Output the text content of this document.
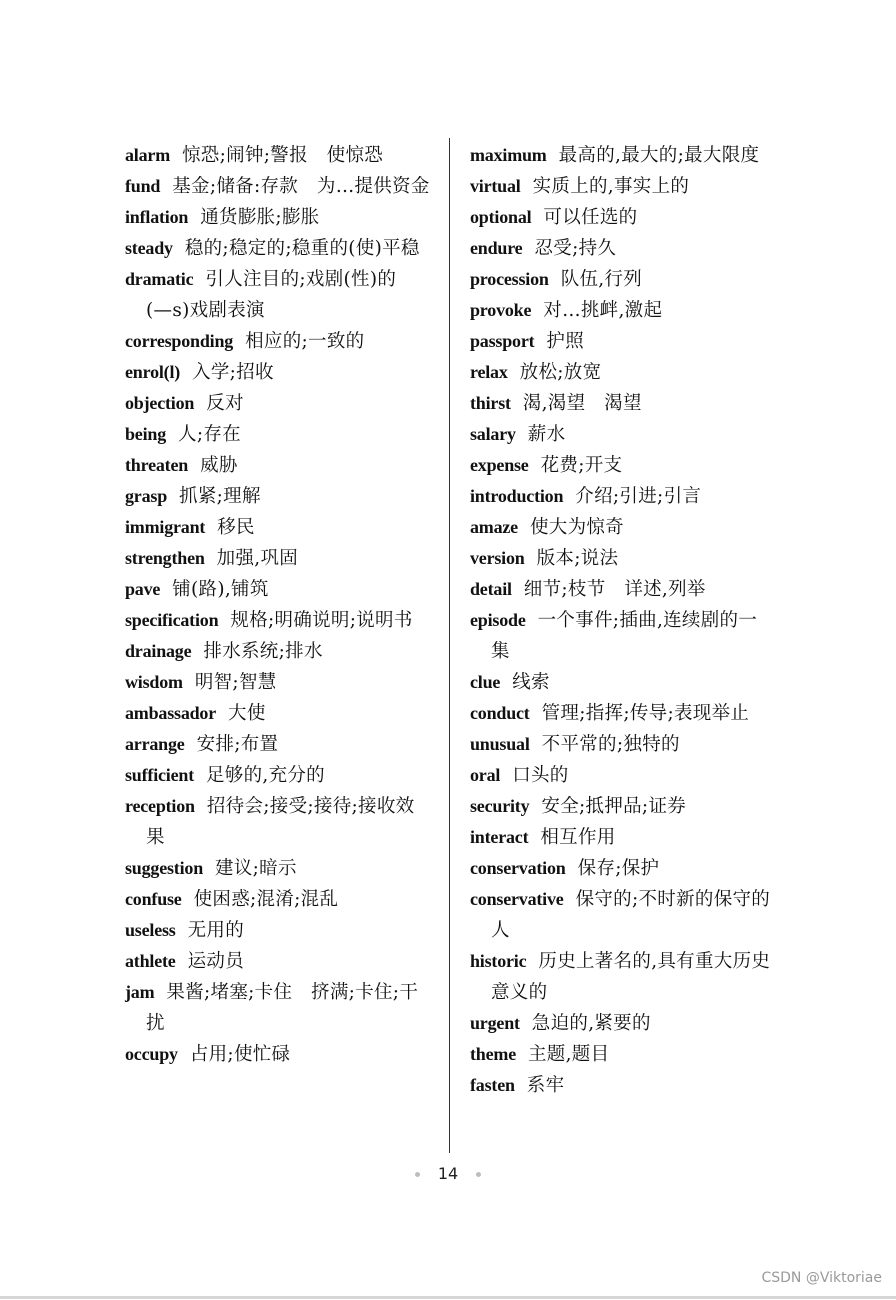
alarm 惊恐;闹钟;警报　使惊恐
fund 基金;储备:存款　为…提供资金
inflation 通货膨胀;膨胀
steady 稳的;稳定的;稳重的(使)平稳
dramatic 引人注目的;戏剧(性)的　(—s)戏剧表演
corresponding 相应的;一致的
enrol(l) 入学;招收
objection 反对
being 人;存在
threaten 威胁
grasp 抓紧;理解
immigrant 移民
strengthen 加强,巩固
pave 铺(路),铺筑
specification 规格;明确说明;说明书
drainage 排水系统;排水
wisdom 明智;智慧
ambassador 大使
arrange 安排;布置
sufficient 足够的,充分的
reception 招待会;接受;接待;接收效果
suggestion 建议;暗示
confuse 使困惑;混淆;混乱
useless 无用的
athlete 运动员
jam 果酱;堵塞;卡住　挤满;卡住;干扰
occupy 占用;使忙碌
maximum 最高的,最大的;最大限度
virtual 实质上的,事实上的
optional 可以任选的
endure 忍受;持久
procession 队伍,行列
provoke 对…挑衅,激起
passport 护照
relax 放松;放宽
thirst 渴,渴望　渴望
salary 薪水
expense 花费;开支
introduction 介绍;引进;引言
amaze 使大为惊奇
version 版本;说法
detail 细节;枝节　详述,列举
episode 一个事件;插曲,连续剧的一集
clue 线索
conduct 管理;指挥;传导;表现举止
unusual 不平常的;独特的
oral 口头的
security 安全;抵押品;证券
interact 相互作用
conservation 保存;保护
conservative 保守的;不时新的保守的人
historic 历史上著名的,具有重大历史意义的
urgent 急迫的,紧要的
theme 主题,题目
fasten 系牢
14
CSDN @Viktoriae
